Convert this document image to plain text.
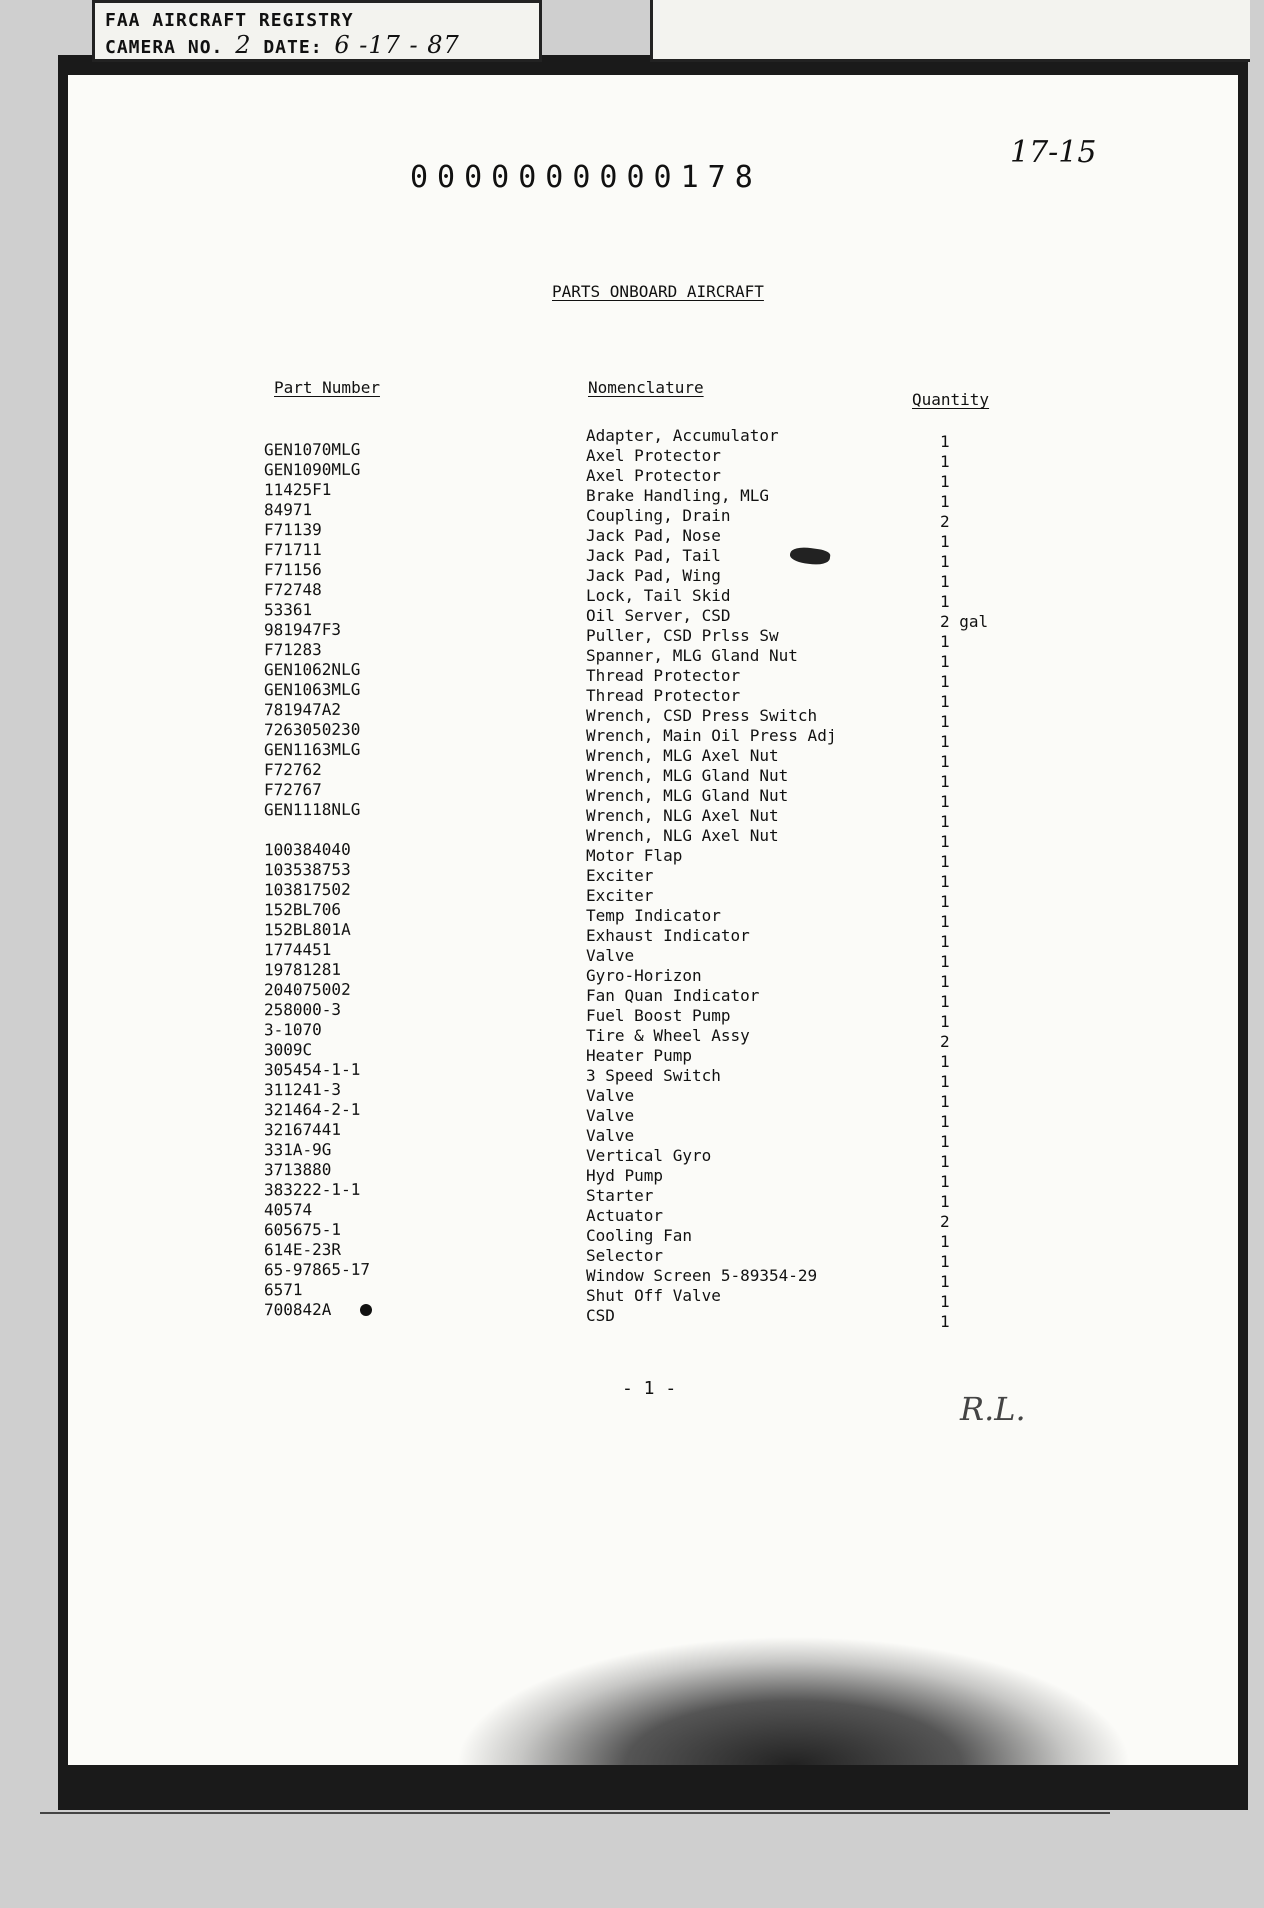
FAA AIRCRAFT REGISTRY
CAMERA NO. 2 DATE: 6 -17 - 87
0000000000178
17-15
PARTS ONBOARD AIRCRAFT
Part Number	Nomenclature
Quantity
GEN1070MLG
GEN1090MLG
11425F1
84971
F71139
F71711
F71156
F72748
53361
981947F3
F71283
GEN1062NLG
GEN1063MLG
781947A2
7263050230
GEN1163MLG
F72762
F72767
GEN1118NLG
100384040
103538753
103817502
152BL706
152BL801A
1774451
19781281
204075002
258000-3
3-1070
3009C
305454-1-1
311241-3
321464-2-1
32167441
331A-9G
3713880
383222-1-1
40574
605675-1
614E-23R
65-97865-17
6571
700842A
Adapter, Accumulator
Axel Protector
Axel Protector
Brake Handling, MLG
Coupling, Drain
Jack Pad, Nose
Jack Pad, Tail
Jack Pad, Wing
Lock, Tail Skid
Oil Server, CSD
Puller, CSD Prlss Sw
Spanner, MLG Gland Nut
Thread Protector
Thread Protector
Wrench, CSD Press Switch
Wrench, Main Oil Press Adj
Wrench, MLG Axel Nut
Wrench, MLG Gland Nut
Wrench, MLG Gland Nut
Wrench, NLG Axel Nut
Wrench, NLG Axel Nut
Motor Flap
Exciter
Exciter
Temp Indicator
Exhaust Indicator
Valve
Gyro-Horizon
Fan Quan Indicator
Fuel Boost Pump
Tire & Wheel Assy
Heater Pump
3 Speed Switch
Valve
Valve
Valve
Vertical Gyro
Hyd Pump
Starter
Actuator
Cooling Fan
Selector
Window Screen 5-89354-29
Shut Off Valve
CSD
1
1
1
1
2
1
1
1
1
2 gal
1
1
1
1
1
1
1
1
1
1
1
1
1
1
1
1
1
1
1
1
2
1
1
1
1
1
1
1
1
2
1
1
1
1
1
- 1 -
R.L.
